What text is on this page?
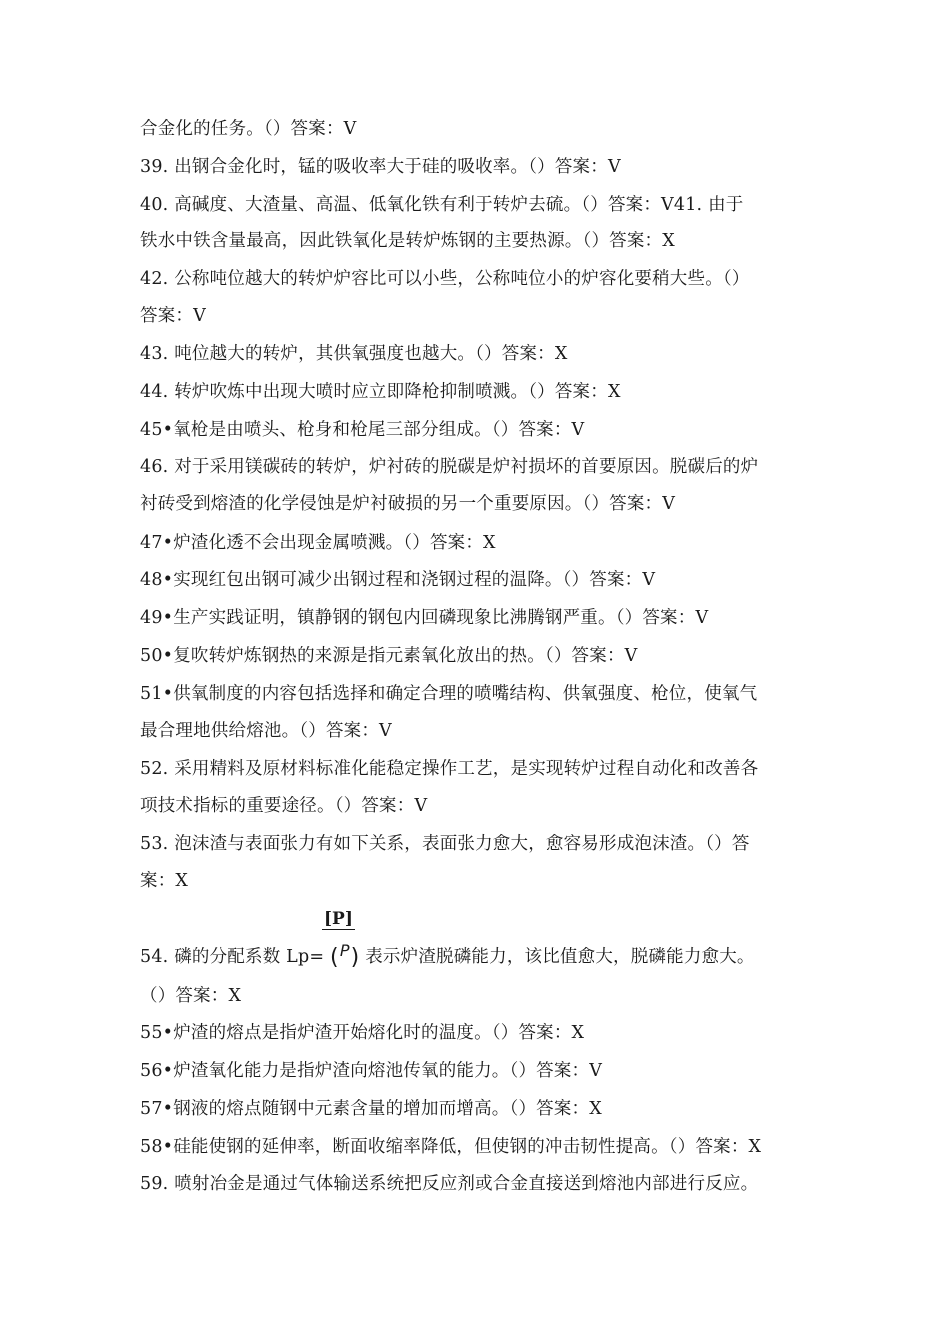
合金化的任务。（）答案：V
39. 出钢合金化时，锰的吸收率大于硅的吸收率。（）答案：V
40. 高碱度、大渣量、高温、低氧化铁有利于转炉去硫。（）答案：V41. 由于
铁水中铁含量最高，因此铁氧化是转炉炼钢的主要热源。（）答案：X
42. 公称吨位越大的转炉炉容比可以小些，公称吨位小的炉容化要稍大些。（）
答案：V
43. 吨位越大的转炉，其供氧强度也越大。（）答案：X
44. 转炉吹炼中出现大喷时应立即降枪抑制喷溅。（）答案：X
45•氧枪是由喷头、枪身和枪尾三部分组成。（）答案：V
46. 对于采用镁碳砖的转炉，炉衬砖的脱碳是炉衬损坏的首要原因。脱碳后的炉
衬砖受到熔渣的化学侵蚀是炉衬破损的另一个重要原因。（）答案：V
47•炉渣化透不会出现金属喷溅。（）答案：X
48•实现红包出钢可减少出钢过程和浇钢过程的温降。（）答案：V
49•生产实践证明，镇静钢的钢包内回磷现象比沸腾钢严重。（）答案：V
50•复吹转炉炼钢热的来源是指元素氧化放出的热。（）答案：V
51•供氧制度的内容包括选择和确定合理的喷嘴结构、供氧强度、枪位，使氧气
最合理地供给熔池。（）答案：V
52. 采用精料及原材料标准化能稳定操作工艺，是实现转炉过程自动化和改善各
项技术指标的重要途径。（）答案：V
53. 泡沫渣与表面张力有如下关系，表面张力愈大，愈容易形成泡沫渣。（）答
案：X
[P]
54. 磷的分配系数 Lp= ($^P$) 表示炉渣脱磷能力，该比值愈大，脱磷能力愈大。
（）答案：X
55•炉渣的熔点是指炉渣开始熔化时的温度。（）答案：X
56•炉渣氧化能力是指炉渣向熔池传氧的能力。（）答案：V
57•钢液的熔点随钢中元素含量的增加而增高。（）答案：X
58•硅能使钢的延伸率，断面收缩率降低，但使钢的冲击韧性提高。（）答案：X
59. 喷射冶金是通过气体输送系统把反应剂或合金直接送到熔池内部进行反应。
